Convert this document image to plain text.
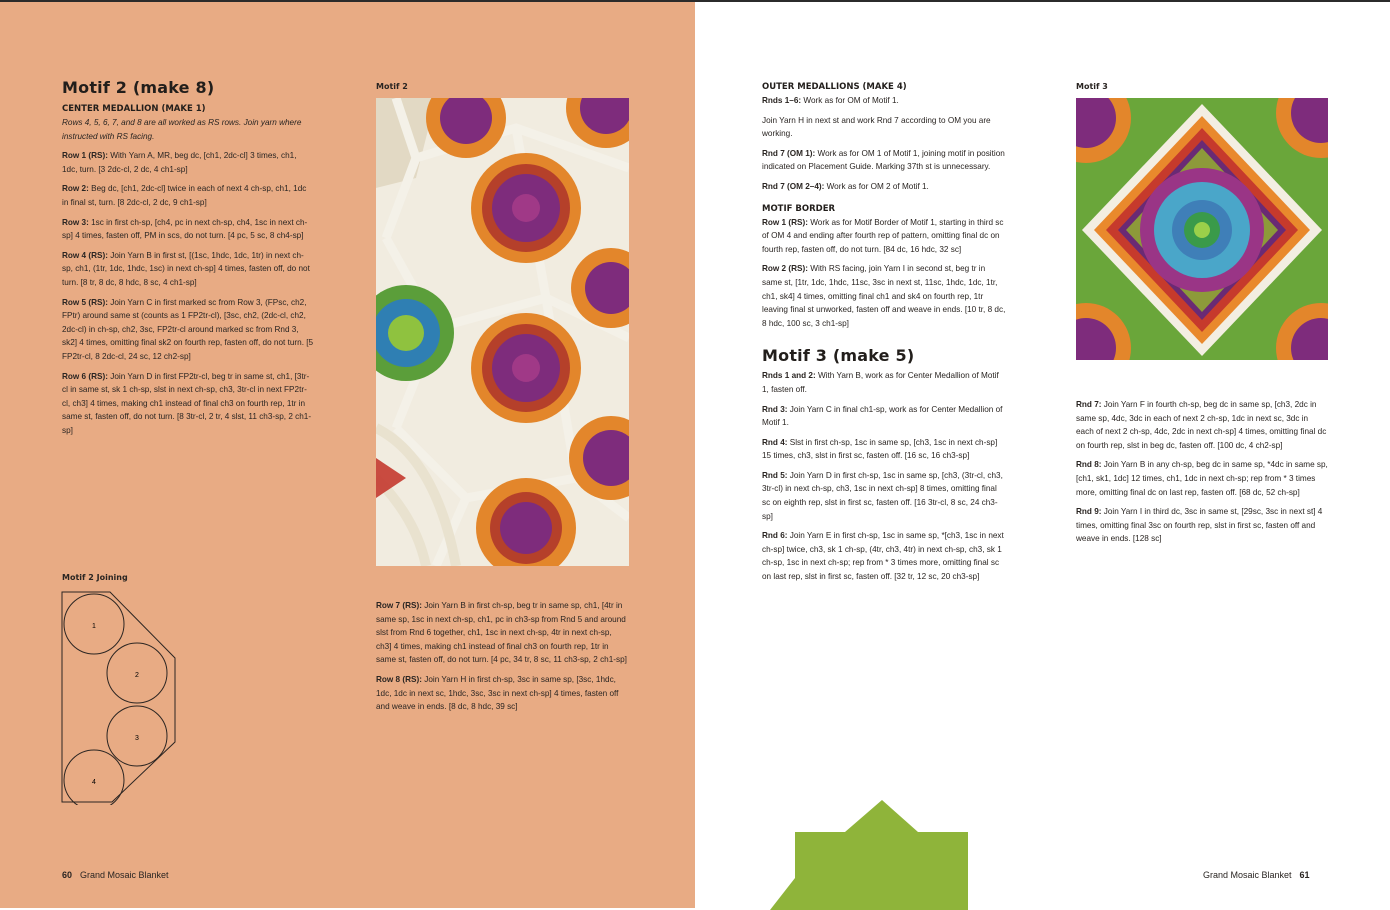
Motif 2 (make 8)
CENTER MEDALLION (MAKE 1)

Rows 4, 5, 6, 7, and 8 are all worked as RS rows. Join yarn where instructed with RS facing.

Row 1 (RS): With Yarn A, MR, beg dc, [ch1, 2dc-cl] 3 times, ch1, 1dc, turn. [3 2dc-cl, 2 dc, 4 ch1-sp]

Row 2: Beg dc, [ch1, 2dc-cl] twice in each of next 4 ch-sp, ch1, 1dc in final st, turn. [8 2dc-cl, 2 dc, 9 ch1-sp]

Row 3: 1sc in first ch-sp, [ch4, pc in next ch-sp, ch4, 1sc in next ch-sp] 4 times, fasten off, PM in scs, do not turn. [4 pc, 5 sc, 8 ch4-sp]

Row 4 (RS): Join Yarn B in first st, [(1sc, 1hdc, 1dc, 1tr) in next ch-sp, ch1, (1tr, 1dc, 1hdc, 1sc) in next ch-sp] 4 times, fasten off, do not turn. [8 tr, 8 dc, 8 hdc, 8 sc, 4 ch1-sp]

Row 5 (RS): Join Yarn C in first marked sc from Row 3, (FPsc, ch2, FPtr) around same st (counts as 1 FP2tr-cl), [3sc, ch2, (2dc-cl, ch2, 2dc-cl) in ch-sp, ch2, 3sc, FP2tr-cl around marked sc from Rnd 3, sk2] 4 times, omitting final sk2 on fourth rep, fasten off, do not turn. [5 FP2tr-cl, 8 2dc-cl, 24 sc, 12 ch2-sp]

Row 6 (RS): Join Yarn D in first FP2tr-cl, beg tr in same st, ch1, [3tr-cl in same st, sk 1 ch-sp, slst in next ch-sp, ch3, 3tr-cl in next FP2tr-cl, ch3] 4 times, making ch1 instead of final ch3 on fourth rep, 1tr in same st, fasten off, do not turn. [8 3tr-cl, 2 tr, 4 slst, 11 ch3-sp, 2 ch1-sp]

Motif 2
Motif 2 Joining
1
2
3
4

Row 7 (RS): Join Yarn B in first ch-sp, beg tr in same sp, ch1, [4tr in same sp, 1sc in next ch-sp, ch1, pc in ch3-sp from Rnd 5 and around slst from Rnd 6 together, ch1, 1sc in next ch-sp, 4tr in next ch-sp, ch3] 4 times, making ch1 instead of final ch3 on fourth rep, 1tr in same st, fasten off, do not turn. [4 pc, 34 tr, 8 sc, 11 ch3-sp, 2 ch1-sp]

Row 8 (RS): Join Yarn H in first ch-sp, 3sc in same sp, [3sc, 1hdc, 1dc, 1dc in next sc, 1hdc, 3sc, 3sc in next ch-sp] 4 times, fasten off and weave in ends. [8 dc, 8 hdc, 39 sc]

60 Grand Mosaic Blanket
OUTER MEDALLIONS (MAKE 4)

Rnds 1–6: Work as for OM of Motif 1.

Join Yarn H in next st and work Rnd 7 according to OM you are working.

Rnd 7 (OM 1): Work as for OM 1 of Motif 1, joining motif in position indicated on Placement Guide. Marking 37th st is unnecessary.

Rnd 7 (OM 2–4): Work as for OM 2 of Motif 1.

MOTIF BORDER

Row 1 (RS): Work as for Motif Border of Motif 1, starting in third sc of OM 4 and ending after fourth rep of pattern, omitting final dc on fourth rep, fasten off, do not turn. [84 dc, 16 hdc, 32 sc]

Row 2 (RS): With RS facing, join Yarn I in second st, beg tr in same st, [1tr, 1dc, 1hdc, 11sc, 3sc in next st, 11sc, 1hdc, 1dc, 1tr, ch1, sk4] 4 times, omitting final ch1 and sk4 on fourth rep, 1tr leaving final st unworked, fasten off and weave in ends. [10 tr, 8 dc, 8 hdc, 100 sc, 3 ch1-sp]

Motif 3 (make 5)

Rnds 1 and 2: With Yarn B, work as for Center Medallion of Motif 1, fasten off.

Rnd 3: Join Yarn C in final ch1-sp, work as for Center Medallion of Motif 1.

Rnd 4: Slst in first ch-sp, 1sc in same sp, [ch3, 1sc in next ch-sp] 15 times, ch3, slst in first sc, fasten off. [16 sc, 16 ch3-sp]

Rnd 5: Join Yarn D in first ch-sp, 1sc in same sp, [ch3, (3tr-cl, ch3, 3tr-cl) in next ch-sp, ch3, 1sc in next ch-sp] 8 times, omitting final sc on eighth rep, slst in first sc, fasten off. [16 3tr-cl, 8 sc, 24 ch3-sp]

Rnd 6: Join Yarn E in first ch-sp, 1sc in same sp, *[ch3, 1sc in next ch-sp] twice, ch3, sk 1 ch-sp, (4tr, ch3, 4tr) in next ch-sp, ch3, sk 1 ch-sp, 1sc in next ch-sp; rep from * 3 times more, omitting final sc on last rep, slst in first sc, fasten off. [32 tr, 12 sc, 20 ch3-sp]

Motif 3

Rnd 7: Join Yarn F in fourth ch-sp, beg dc in same sp, [ch3, 2dc in same sp, 4dc, 3dc in each of next 2 ch-sp, 1dc in next sc, 3dc in each of next 2 ch-sp, 4dc, 2dc in next ch-sp] 4 times, omitting final dc on fourth rep, slst in beg dc, fasten off. [100 dc, 4 ch2-sp]

Rnd 8: Join Yarn B in any ch-sp, beg dc in same sp, *4dc in same sp, [ch1, sk1, 1dc] 12 times, ch1, 1dc in next ch-sp; rep from * 3 times more, omitting final dc on last rep, fasten off. [68 dc, 52 ch-sp]

Rnd 9: Join Yarn I in third dc, 3sc in same st, [29sc, 3sc in next st] 4 times, omitting final 3sc on fourth rep, slst in first sc, fasten off and weave in ends. [128 sc]

Grand Mosaic Blanket 61
